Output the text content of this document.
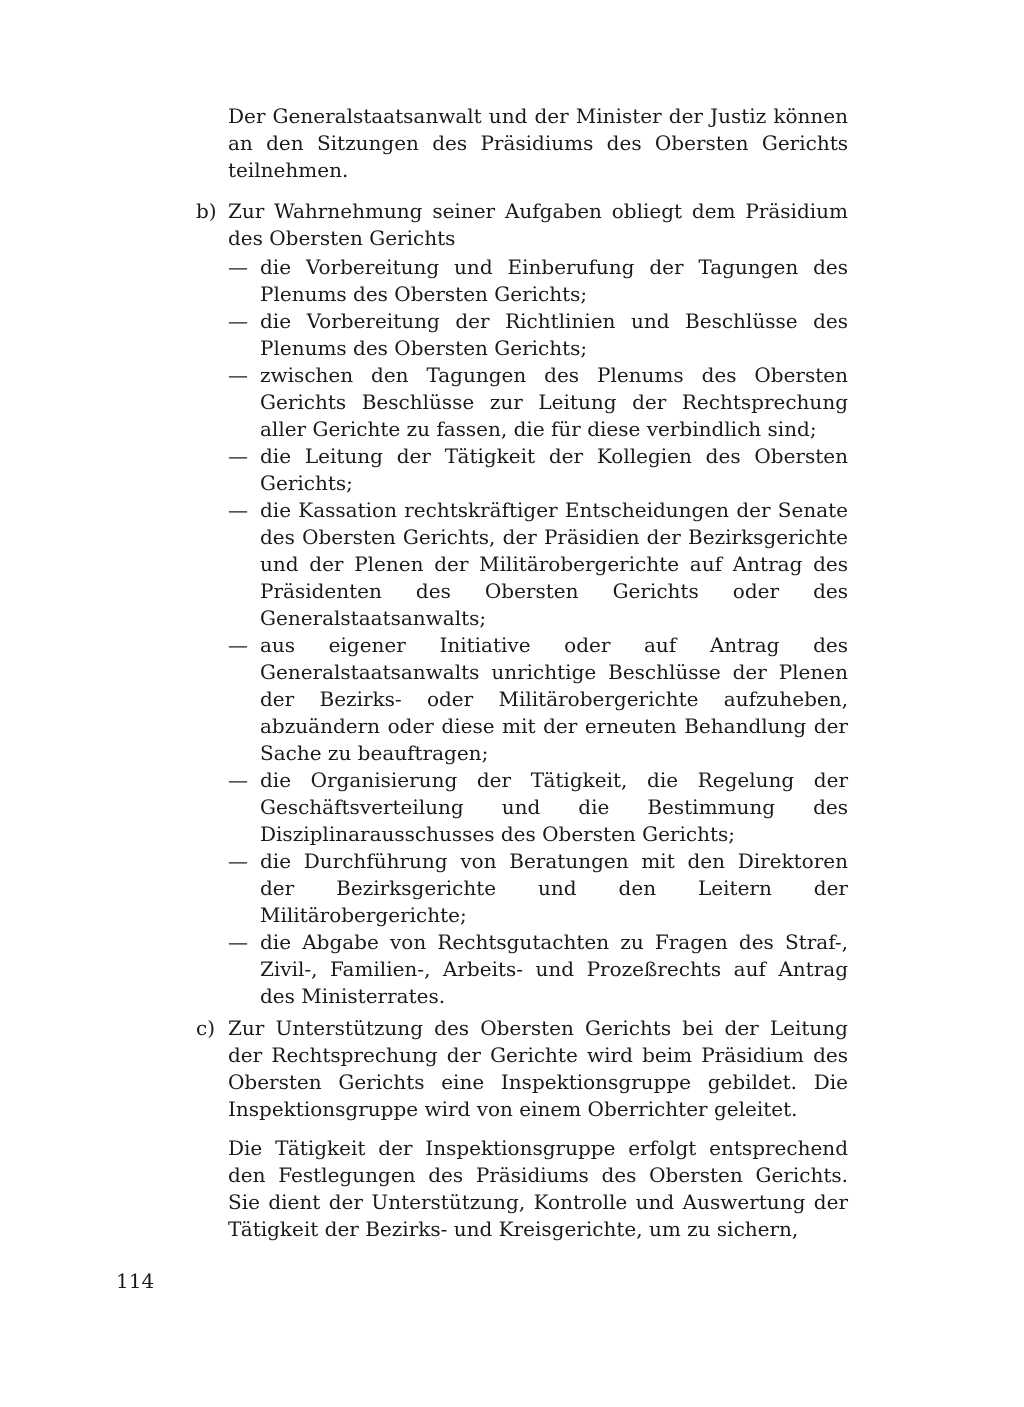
Der Generalstaatsanwalt und der Minister der Justiz können an den Sitzungen des Präsidiums des Obersten Gerichts teilnehmen.
b) Zur Wahrnehmung seiner Aufgaben obliegt dem Präsidium des Obersten Gerichts
— die Vorbereitung und Einberufung der Tagungen des Plenums des Obersten Gerichts;
— die Vorbereitung der Richtlinien und Beschlüsse des Plenums des Obersten Gerichts;
— zwischen den Tagungen des Plenums des Obersten Gerichts Beschlüsse zur Leitung der Rechtsprechung aller Gerichte zu fassen, die für diese verbindlich sind;
— die Leitung der Tätigkeit der Kollegien des Obersten Gerichts;
— die Kassation rechtskräftiger Entscheidungen der Senate des Obersten Gerichts, der Präsidien der Bezirksgerichte und der Plenen der Militärobergerichte auf Antrag des Präsidenten des Obersten Gerichts oder des Generalstaatsanwalts;
— aus eigener Initiative oder auf Antrag des Generalstaatsanwalts unrichtige Beschlüsse der Plenen der Bezirks- oder Militärobergerichte aufzuheben, abzuändern oder diese mit der erneuten Behandlung der Sache zu beauftragen;
— die Organisierung der Tätigkeit, die Regelung der Geschäftsverteilung und die Bestimmung des Disziplinarausschusses des Obersten Gerichts;
— die Durchführung von Beratungen mit den Direktoren der Bezirksgerichte und den Leitern der Militärobergerichte;
— die Abgabe von Rechtsgutachten zu Fragen des Straf-, Zivil-, Familien-, Arbeits- und Prozeßrechts auf Antrag des Ministerrates.
c) Zur Unterstützung des Obersten Gerichts bei der Leitung der Rechtsprechung der Gerichte wird beim Präsidium des Obersten Gerichts eine Inspektionsgruppe gebildet. Die Inspektionsgruppe wird von einem Oberrichter geleitet.
Die Tätigkeit der Inspektionsgruppe erfolgt entsprechend den Festlegungen des Präsidiums des Obersten Gerichts. Sie dient der Unterstützung, Kontrolle und Auswertung der Tätigkeit der Bezirks- und Kreisgerichte, um zu sichern,
114
